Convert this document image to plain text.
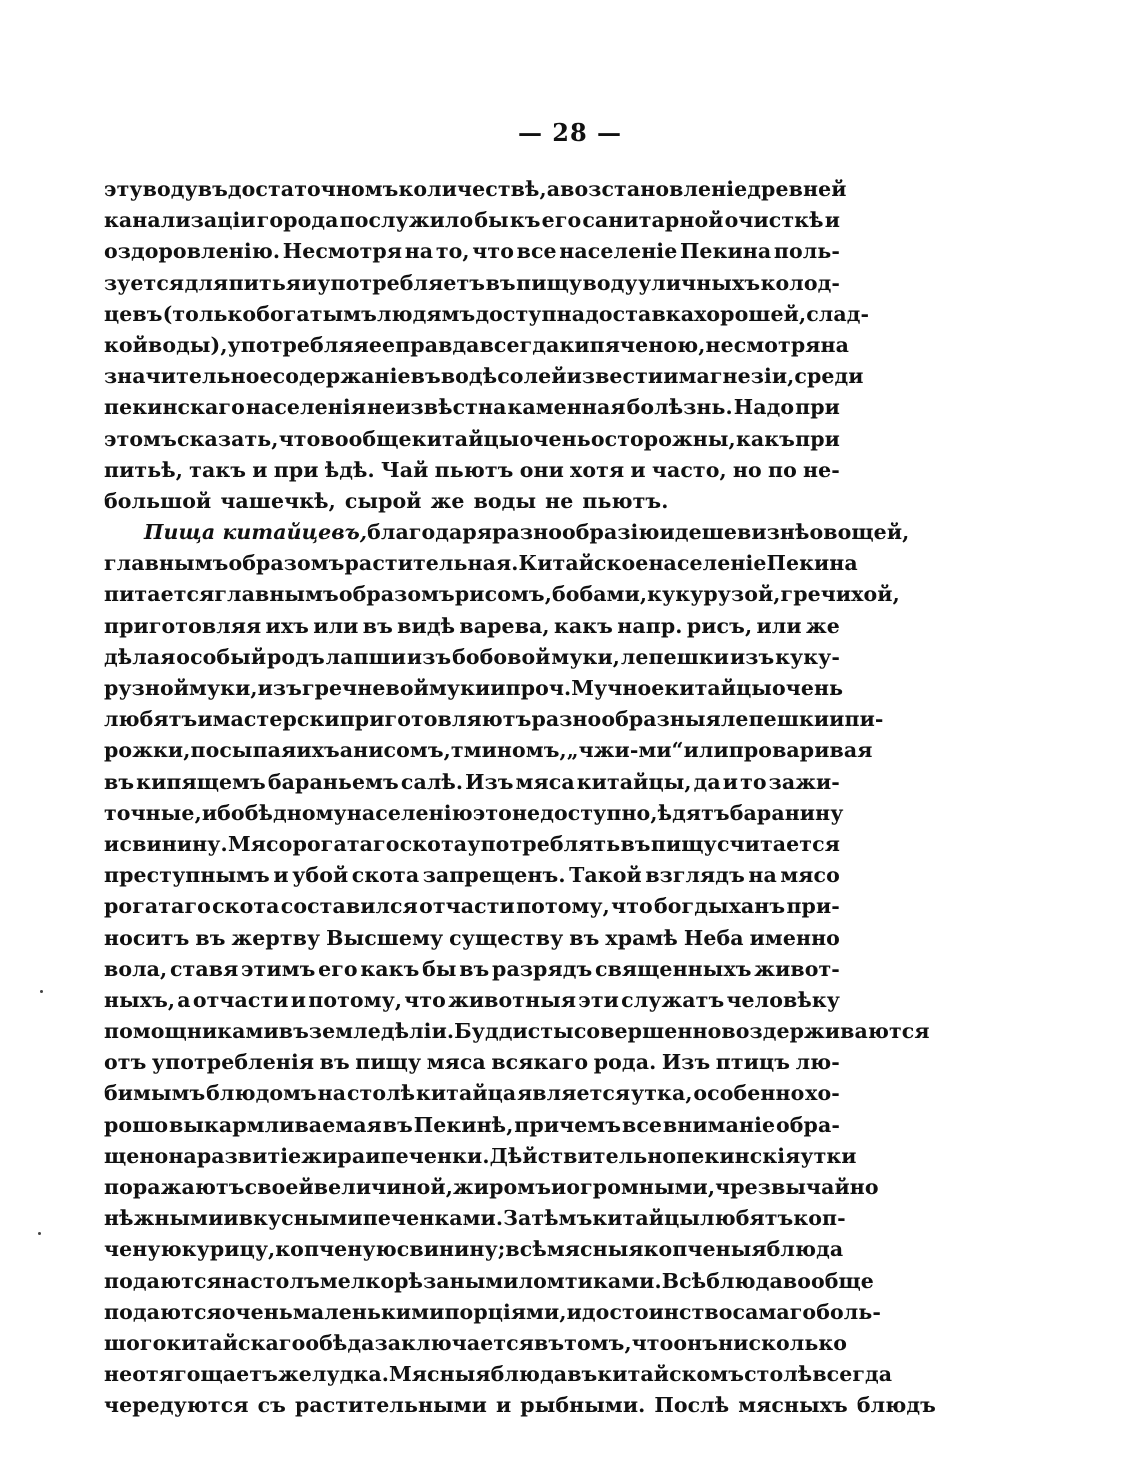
— 28 —
эту воду въ достаточномъ количествѣ, а возстановленіе древней
канализаціи города послужило бы къ его санитарной очисткѣ и
оздоровленію. Несмотря на то, что все населеніе Пекина поль-
зуется для питья и употребляетъ въ пищу воду уличныхъ колод-
цевъ (только богатымъ людямъ доступна доставка хорошей, слад-
кой воды), употребляя ее правда всегда кипяченою, несмотря на
значительное содержаніе въ водѣ солей извести и магнезіи, среди
пекинскаго населенія неизвѣстна каменная болѣзнь. Надо при
этомъ сказать, что вообще китайцы очень осторожны, какъ при
питьѣ, такъ и при ѣдѣ. Чай пьютъ они хотя и часто, но по не-
большой чашечкѣ, сырой же воды не пьютъ.
Пища китайцевъ, благодаря разнообразію и дешевизнѣ овощей,
главнымъ образомъ растительная. Китайское населеніе Пекина
питается главнымъ образомъ рисомъ, бобами, кукурузой, гречихой,
приготовляя ихъ или въ видѣ варева, какъ напр. рисъ, или же
дѣлая особый родъ лапши изъ бобовой муки, лепешки изъ куку-
рузной муки, изъ гречневой муки и проч. Мучное китайцы очень
любятъ и мастерски приготовляютъ разнообразныя лепешки и пи-
рожки, посыпая ихъ анисомъ, тминомъ, „чжи-ми“ или проваривая
въ кипящемъ бараньемъ салѣ. Изъ мяса китайцы, да и то зажи-
точные, ибо бѣдному населенію это недоступно, ѣдятъ баранину
и свинину. Мясо рогатаго скота употреблять въ пищу считается
преступнымъ и убой скота запрещенъ. Такой взглядъ на мясо
рогатаго скота составился отчасти потому, что богдыханъ при-
носитъ въ жертву Высшему существу въ храмѣ Неба именно
вола, ставя этимъ его какъ бы въ разрядъ священныхъ живот-
ныхъ, а отчасти и потому, что животныя эти служатъ человѣку
помощниками въ земледѣліи. Буддисты совершенно воздерживаются
отъ употребленія въ пищу мяса всякаго рода. Изъ птицъ лю-
бимымъ блюдомъ на столѣ китайца является утка, особенно хо-
рошо выкармливаемая въ Пекинѣ, причемъ все вниманіе обра-
щено на развитіе жира и печенки. Дѣйствительно пекинскія утки
поражаютъ своей величиной, жиромъ и огромными, чрезвычайно
нѣжными и вкусными печенками. Затѣмъ китайцы любятъ коп-
ченую курицу, копченую свинину; всѣ мясныя копченыя блюда
подаются на столъ мелко рѣзаными ломтиками. Всѣ блюда вообще
подаются очень маленькими порціями, и достоинство самаго боль-
шого китайскаго обѣда заключается въ томъ, что онъ нисколько
не отягощаетъ желудка. Мясныя блюда въ китайскомъ столѣ всегда
чередуются съ растительными и рыбными. Послѣ мясныхъ блюдъ
